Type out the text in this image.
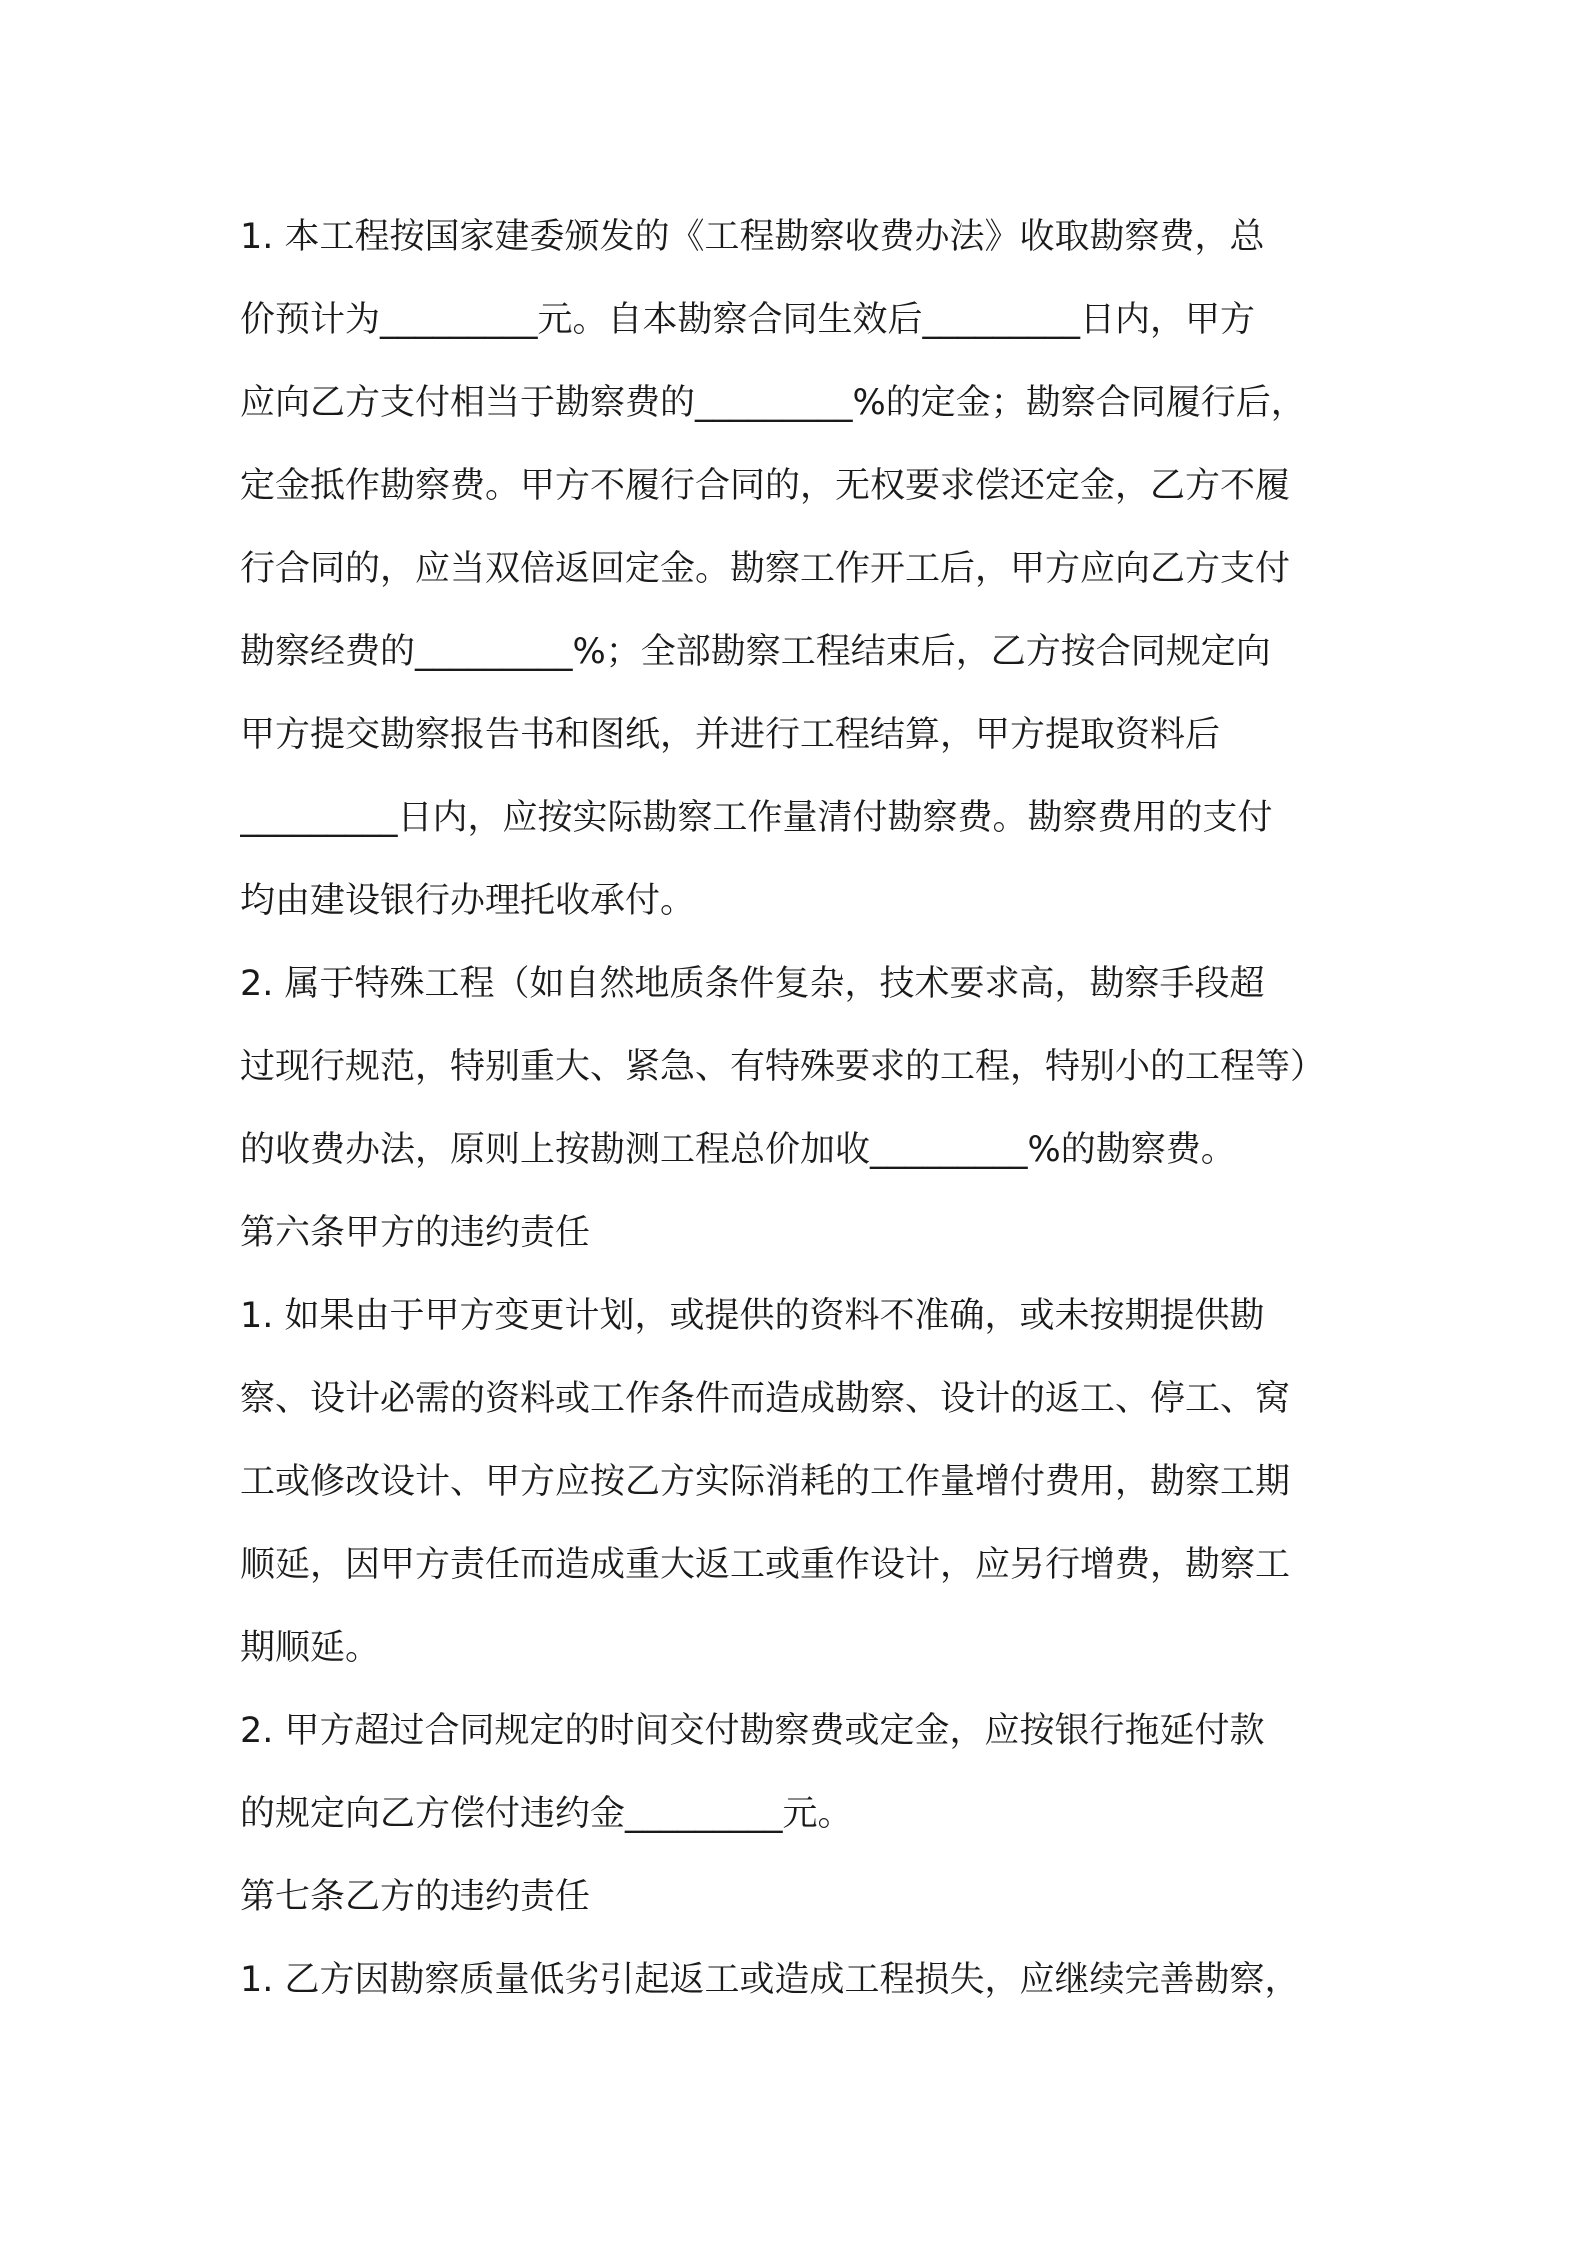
1. 本工程按国家建委颁发的《工程勘察收费办法》收取勘察费，总
价预计为_________元。自本勘察合同生效后_________日内，甲方
应向乙方支付相当于勘察费的_________%的定金；勘察合同履行后，
定金抵作勘察费。甲方不履行合同的，无权要求偿还定金，乙方不履
行合同的，应当双倍返回定金。勘察工作开工后，甲方应向乙方支付
勘察经费的_________%；全部勘察工程结束后，乙方按合同规定向
甲方提交勘察报告书和图纸，并进行工程结算，甲方提取资料后
_________日内，应按实际勘察工作量清付勘察费。勘察费用的支付
均由建设银行办理托收承付。
2. 属于特殊工程（如自然地质条件复杂，技术要求高，勘察手段超
过现行规范，特别重大、紧急、有特殊要求的工程，特别小的工程等）
的收费办法，原则上按勘测工程总价加收_________%的勘察费。
第六条甲方的违约责任
1. 如果由于甲方变更计划，或提供的资料不准确，或未按期提供勘
察、设计必需的资料或工作条件而造成勘察、设计的返工、停工、窝
工或修改设计、甲方应按乙方实际消耗的工作量增付费用，勘察工期
顺延，因甲方责任而造成重大返工或重作设计，应另行增费，勘察工
期顺延。
2. 甲方超过合同规定的时间交付勘察费或定金，应按银行拖延付款
的规定向乙方偿付违约金_________元。
第七条乙方的违约责任
1. 乙方因勘察质量低劣引起返工或造成工程损失，应继续完善勘察，
